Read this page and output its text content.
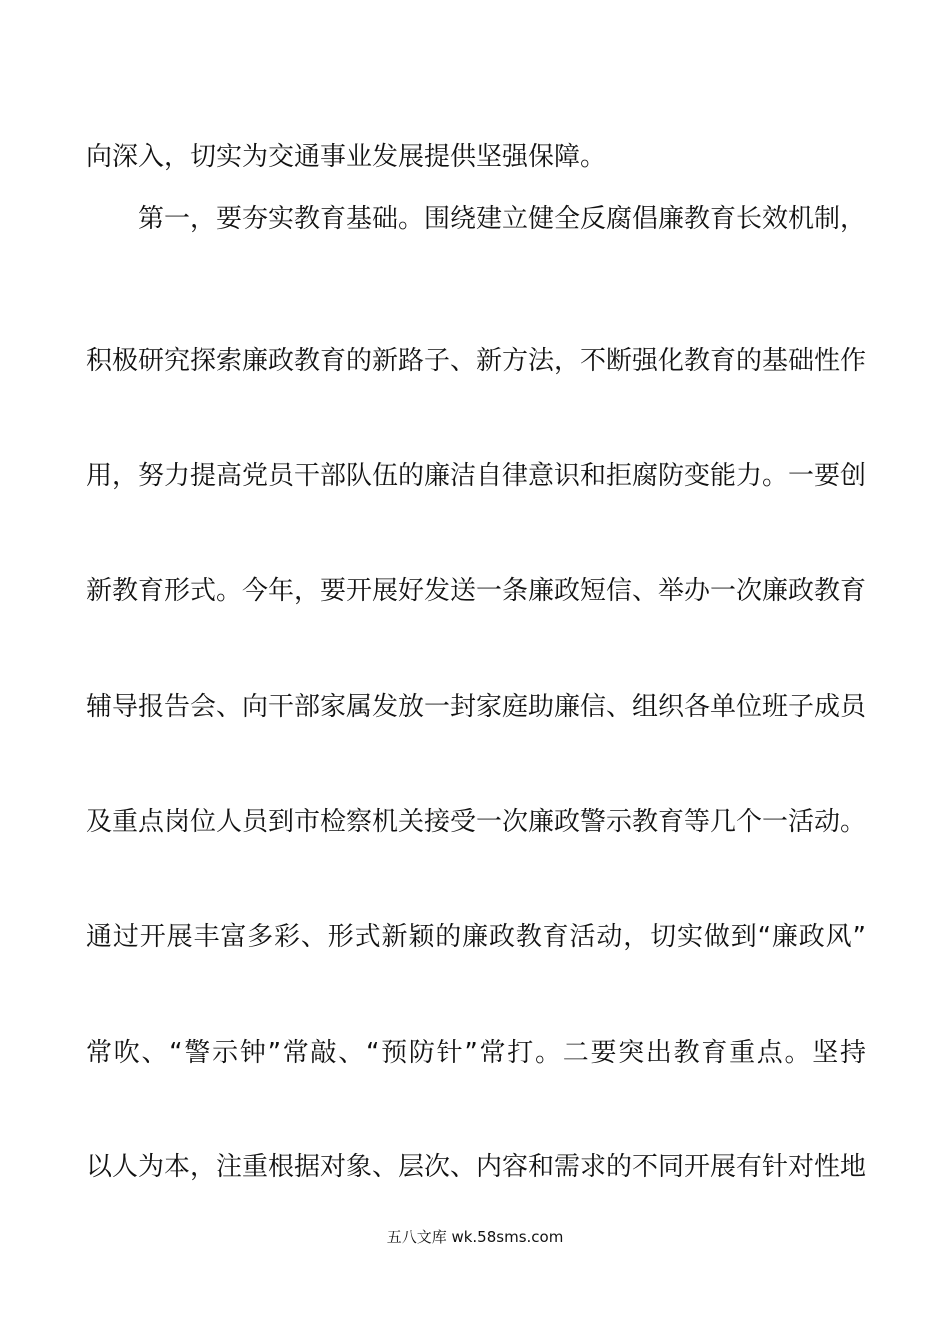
向深入，切实为交通事业发展提供坚强保障。
第一，要夯实教育基础。围绕建立健全反腐倡廉教育长效机制，
积极研究探索廉政教育的新路子、新方法，不断强化教育的基础性作
用，努力提高党员干部队伍的廉洁自律意识和拒腐防变能力。一要创
新教育形式。今年，要开展好发送一条廉政短信、举办一次廉政教育
辅导报告会、向干部家属发放一封家庭助廉信、组织各单位班子成员
及重点岗位人员到市检察机关接受一次廉政警示教育等几个一活动。
通过开展丰富多彩、形式新颖的廉政教育活动，切实做到“廉政风”
常吹、“警示钟”常敲、“预防针”常打。二要突出教育重点。坚持
以人为本，注重根据对象、层次、内容和需求的不同开展有针对性地
五八文库 wk.58sms.com
